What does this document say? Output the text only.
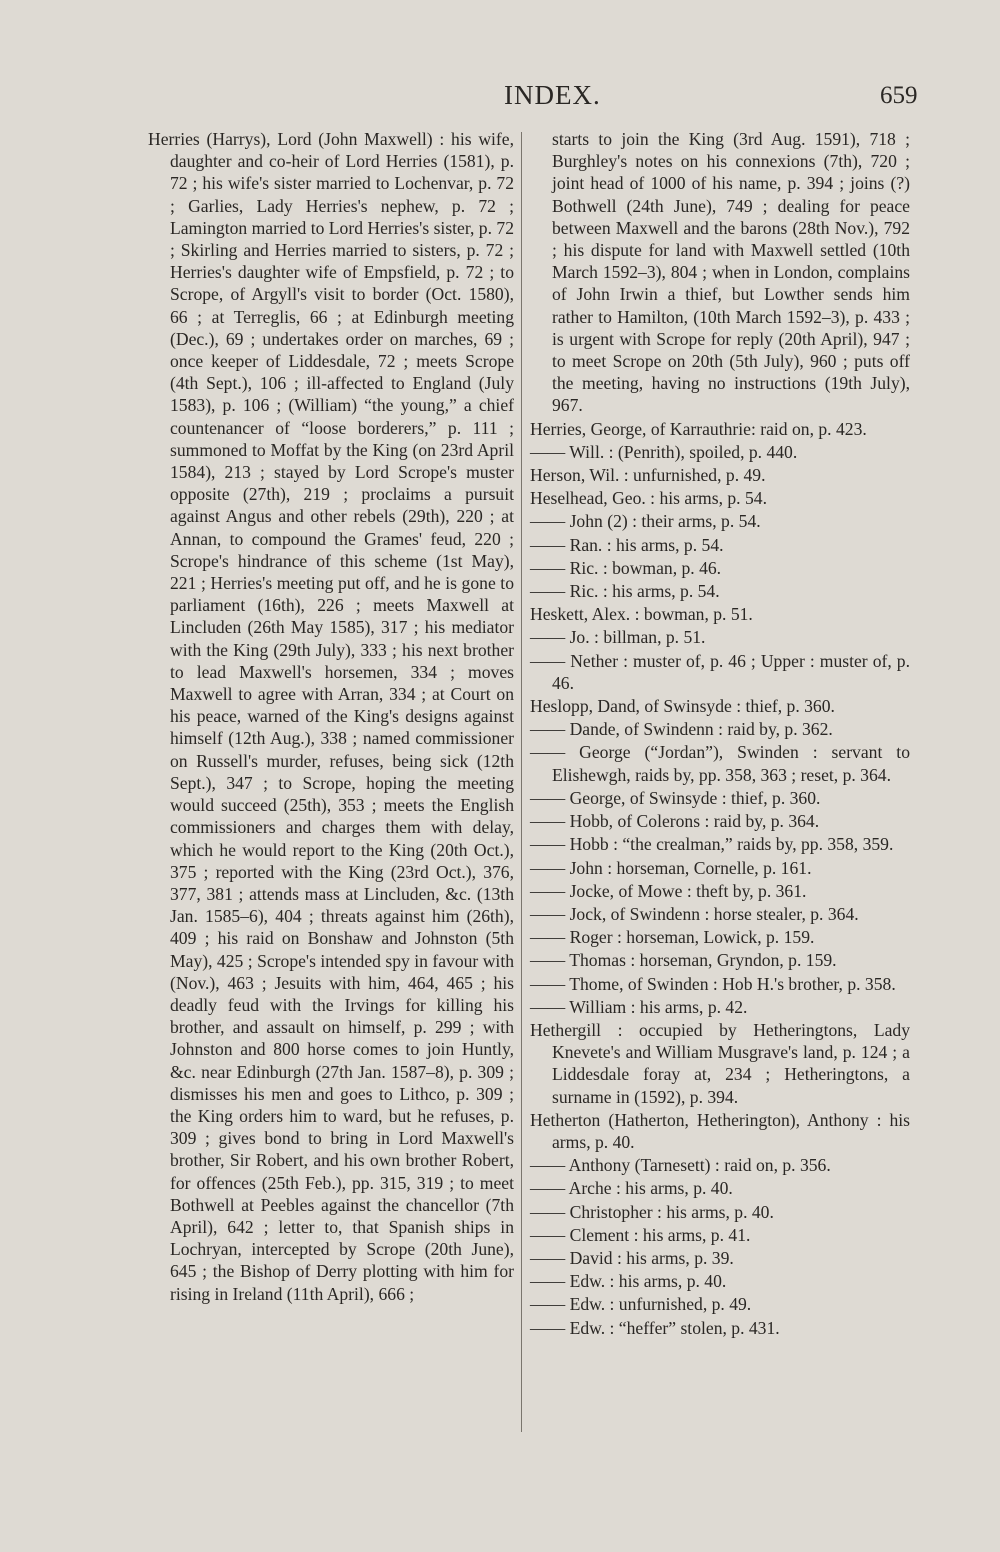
INDEX.	659

Herries (Harrys), Lord (John Maxwell) : his wife, daughter and co-heir of Lord Herries (1581), p. 72 ; his wife's sister married to Lochenvar, p. 72 ; Garlies, Lady Herries's nephew, p. 72 ; Lamington married to Lord Herries's sister, p. 72 ; Skirling and Herries married to sisters, p. 72 ; Herries's daughter wife of Empsfield, p. 72 ; to Scrope, of Argyll's visit to border (Oct. 1580), 66 ; at Terreglis, 66 ; at Edinburgh meeting (Dec.), 69 ; undertakes order on marches, 69 ; once keeper of Liddesdale, 72 ; meets Scrope (4th Sept.), 106 ; ill-affected to England (July 1583), p. 106 ; (William) “the young,” a chief countenancer of “loose borderers,” p. 111 ; summoned to Moffat by the King (on 23rd April 1584), 213 ; stayed by Lord Scrope's muster opposite (27th), 219 ; proclaims a pursuit against Angus and other rebels (29th), 220 ; at Annan, to compound the Grames' feud, 220 ; Scrope's hindrance of this scheme (1st May), 221 ; Herries's meeting put off, and he is gone to parliament (16th), 226 ; meets Maxwell at Lincluden (26th May 1585), 317 ; his mediator with the King (29th July), 333 ; his next brother to lead Maxwell's horsemen, 334 ; moves Maxwell to agree with Arran, 334 ; at Court on his peace, warned of the King's designs against himself (12th Aug.), 338 ; named commissioner on Russell's murder, refuses, being sick (12th Sept.), 347 ; to Scrope, hoping the meeting would succeed (25th), 353 ; meets the English commissioners and charges them with delay, which he would report to the King (20th Oct.), 375 ; reported with the King (23rd Oct.), 376, 377, 381 ; attends mass at Lincluden, &c. (13th Jan. 1585–6), 404 ; threats against him (26th), 409 ; his raid on Bonshaw and Johnston (5th May), 425 ; Scrope's intended spy in favour with (Nov.), 463 ; Jesuits with him, 464, 465 ; his deadly feud with the Irvings for killing his brother, and assault on himself, p. 299 ; with Johnston and 800 horse comes to join Huntly, &c. near Edinburgh (27th Jan. 1587–8), p. 309 ; dismisses his men and goes to Lithco, p. 309 ; the King orders him to ward, but he refuses, p. 309 ; gives bond to bring in Lord Maxwell's brother, Sir Robert, and his own brother Robert, for offences (25th Feb.), pp. 315, 319 ; to meet Bothwell at Peebles against the chancellor (7th April), 642 ; letter to, that Spanish ships in Lochryan, intercepted by Scrope (20th June), 645 ; the Bishop of Derry plotting with him for rising in Ireland (11th April), 666 ;

starts to join the King (3rd Aug. 1591), 718 ; Burghley's notes on his connexions (7th), 720 ; joint head of 1000 of his name, p. 394 ; joins (?) Bothwell (24th June), 749 ; dealing for peace between Maxwell and the barons (28th Nov.), 792 ; his dispute for land with Maxwell settled (10th March 1592–3), 804 ; when in London, complains of John Irwin a thief, but Lowther sends him rather to Hamilton, (10th March 1592–3), p. 433 ; is urgent with Scrope for reply (20th April), 947 ; to meet Scrope on 20th (5th July), 960 ; puts off the meeting, having no instructions (19th July), 967.

Herries, George, of Karrauthrie: raid on, p. 423.

—— Will. : (Penrith), spoiled, p. 440.

Herson, Wil. : unfurnished, p. 49.

Heselhead, Geo. : his arms, p. 54.

—— John (2) : their arms, p. 54.

—— Ran. : his arms, p. 54.

—— Ric. : bowman, p. 46.

—— Ric. : his arms, p. 54.

Heskett, Alex. : bowman, p. 51.

—— Jo. : billman, p. 51.

—— Nether : muster of, p. 46 ; Upper : muster of, p. 46.

Heslopp, Dand, of Swinsyde : thief, p. 360.

—— Dande, of Swindenn : raid by, p. 362.

—— George (“Jordan”), Swinden : servant to Elishewgh, raids by, pp. 358, 363 ; reset, p. 364.

—— George, of Swinsyde : thief, p. 360.

—— Hobb, of Colerons : raid by, p. 364.

—— Hobb : “the crealman,” raids by, pp. 358, 359.

—— John : horseman, Cornelle, p. 161.

—— Jocke, of Mowe : theft by, p. 361.

—— Jock, of Swindenn : horse stealer, p. 364.

—— Roger : horseman, Lowick, p. 159.

—— Thomas : horseman, Gryndon, p. 159.

—— Thome, of Swinden : Hob H.'s brother, p. 358.

—— William : his arms, p. 42.

Hethergill : occupied by Hetheringtons, Lady Knevete's and William Musgrave's land, p. 124 ; a Liddesdale foray at, 234 ; Hetheringtons, a surname in (1592), p. 394.

Hetherton (Hatherton, Hetherington), Anthony : his arms, p. 40.

—— Anthony (Tarnesett) : raid on, p. 356.

—— Arche : his arms, p. 40.

—— Christopher : his arms, p. 40.

—— Clement : his arms, p. 41.

—— David : his arms, p. 39.

—— Edw. : his arms, p. 40.

—— Edw. : unfurnished, p. 49.

—— Edw. : “heffer” stolen, p. 431.
